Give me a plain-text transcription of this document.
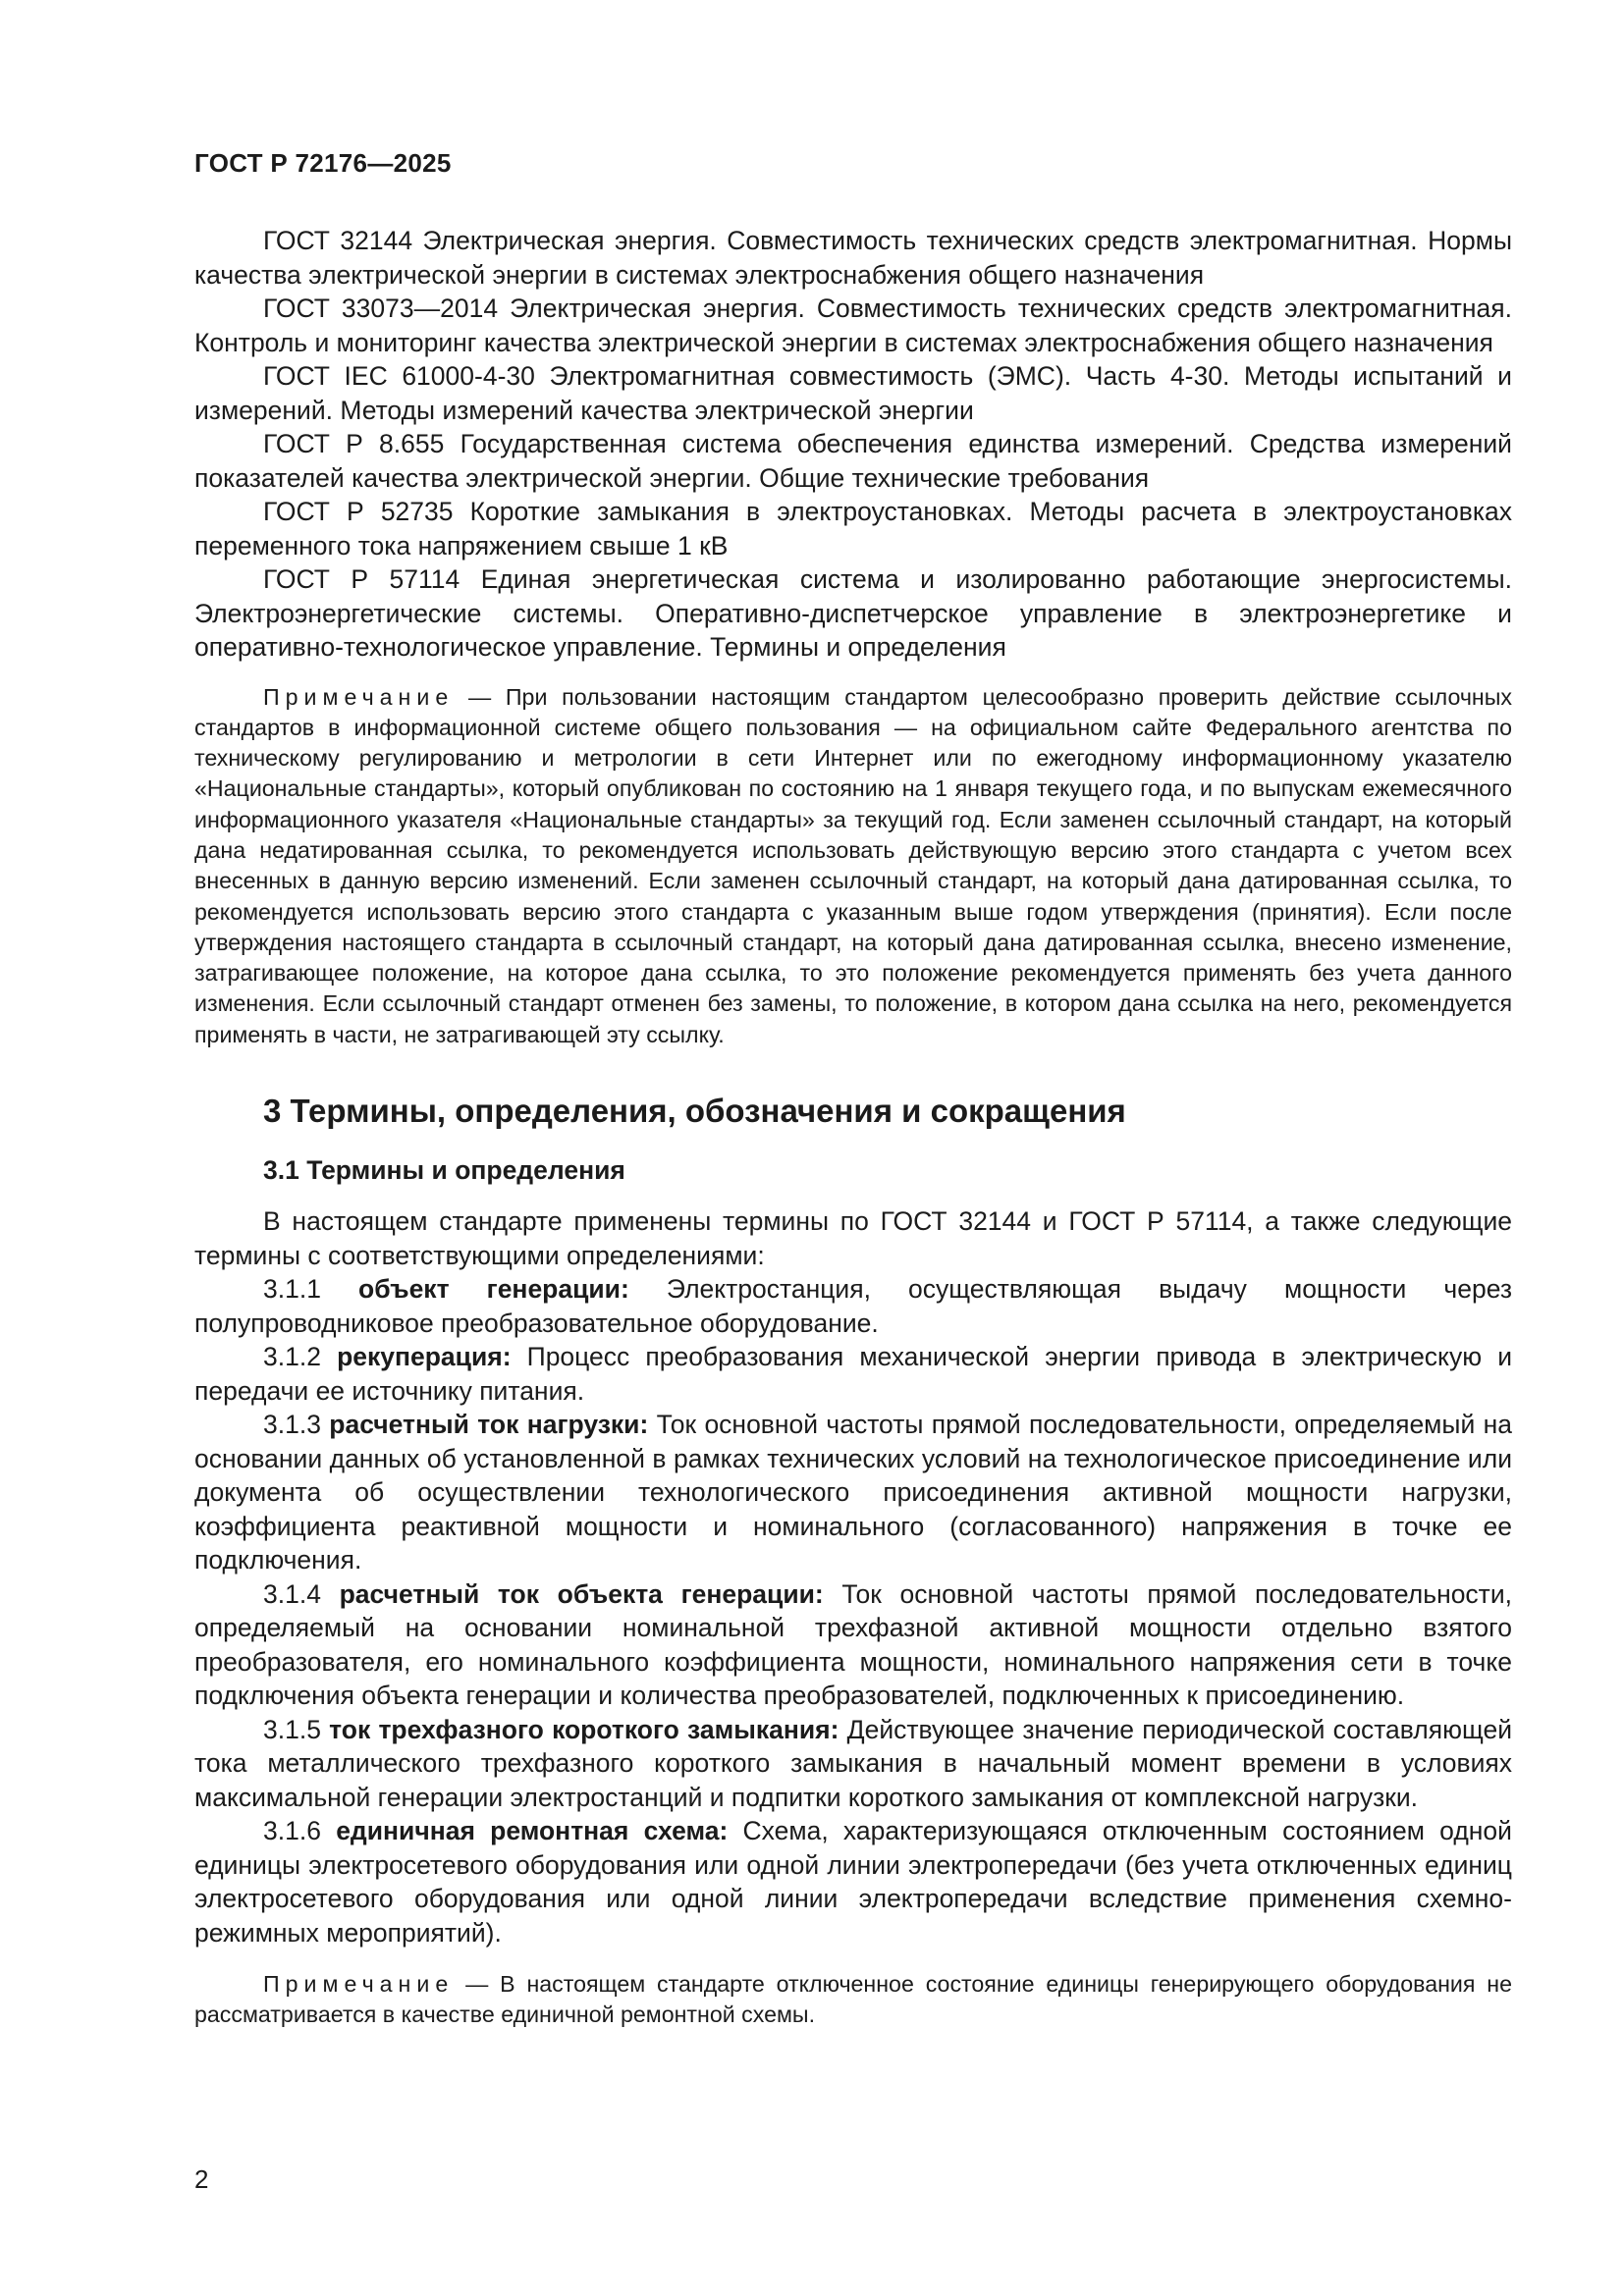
ГОСТ Р 72176—2025

ГОСТ 32144 Электрическая энергия. Совместимость технических средств электромагнитная. Нормы качества электрической энергии в системах электроснабжения общего назначения

ГОСТ 33073—2014 Электрическая энергия. Совместимость технических средств электромагнитная. Контроль и мониторинг качества электрической энергии в системах электроснабжения общего назначения

ГОСТ IEC 61000-4-30 Электромагнитная совместимость (ЭМС). Часть 4-30. Методы испытаний и измерений. Методы измерений качества электрической энергии

ГОСТ Р 8.655 Государственная система обеспечения единства измерений. Средства измерений показателей качества электрической энергии. Общие технические требования

ГОСТ Р 52735 Короткие замыкания в электроустановках. Методы расчета в электроустановках переменного тока напряжением свыше 1 кВ

ГОСТ Р 57114 Единая энергетическая система и изолированно работающие энергосистемы. Электроэнергетические системы. Оперативно-диспетчерское управление в электроэнергетике и оперативно-технологическое управление. Термины и определения

Примечание — При пользовании настоящим стандартом целесообразно проверить действие ссылочных стандартов в информационной системе общего пользования — на официальном сайте Федерального агентства по техническому регулированию и метрологии в сети Интернет или по ежегодному информационному указателю «Национальные стандарты», который опубликован по состоянию на 1 января текущего года, и по выпускам ежемесячного информационного указателя «Национальные стандарты» за текущий год. Если заменен ссылочный стандарт, на который дана недатированная ссылка, то рекомендуется использовать действующую версию этого стандарта с учетом всех внесенных в данную версию изменений. Если заменен ссылочный стандарт, на который дана датированная ссылка, то рекомендуется использовать версию этого стандарта с указанным выше годом утверждения (принятия). Если после утверждения настоящего стандарта в ссылочный стандарт, на который дана датированная ссылка, внесено изменение, затрагивающее положение, на которое дана ссылка, то это положение рекомендуется применять без учета данного изменения. Если ссылочный стандарт отменен без замены, то положение, в котором дана ссылка на него, рекомендуется применять в части, не затрагивающей эту ссылку.

3 Термины, определения, обозначения и сокращения
3.1 Термины и определения

В настоящем стандарте применены термины по ГОСТ 32144 и ГОСТ Р 57114, а также следующие термины с соответствующими определениями:

3.1.1 объект генерации: Электростанция, осуществляющая выдачу мощности через полупроводниковое преобразовательное оборудование.

3.1.2 рекуперация: Процесс преобразования механической энергии привода в электрическую и передачи ее источнику питания.

3.1.3 расчетный ток нагрузки: Ток основной частоты прямой последовательности, определяемый на основании данных об установленной в рамках технических условий на технологическое присоединение или документа об осуществлении технологического присоединения активной мощности нагрузки, коэффициента реактивной мощности и номинального (согласованного) напряжения в точке ее подключения.

3.1.4 расчетный ток объекта генерации: Ток основной частоты прямой последовательности, определяемый на основании номинальной трехфазной активной мощности отдельно взятого преобразователя, его номинального коэффициента мощности, номинального напряжения сети в точке подключения объекта генерации и количества преобразователей, подключенных к присоединению.

3.1.5 ток трехфазного короткого замыкания: Действующее значение периодической составляющей тока металлического трехфазного короткого замыкания в начальный момент времени в условиях максимальной генерации электростанций и подпитки короткого замыкания от комплексной нагрузки.

3.1.6 единичная ремонтная схема: Схема, характеризующаяся отключенным состоянием одной единицы электросетевого оборудования или одной линии электропередачи (без учета отключенных единиц электросетевого оборудования или одной линии электропередачи вследствие применения схемно-режимных мероприятий).

Примечание — В настоящем стандарте отключенное состояние единицы генерирующего оборудования не рассматривается в качестве единичной ремонтной схемы.

2
